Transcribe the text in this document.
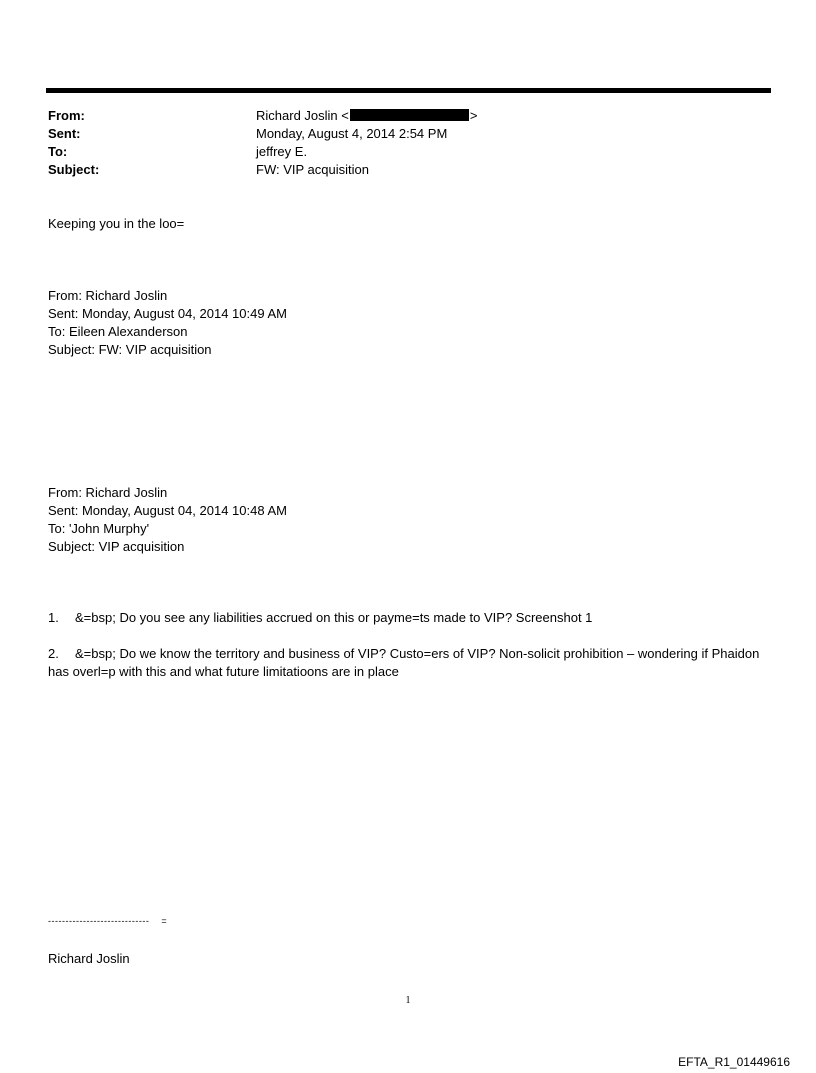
From:	Richard Joslin <	>
Sent:	Monday, August 4, 2014 2:54 PM
To:	jeffrey E.
Subject:	FW: VIP acquisition
Keeping you in the loo=
From: Richard Joslin
Sent: Monday, August 04, 2014 10:49 AM
To: Eileen Alexanderson
Subject: FW: VIP acquisition
From: Richard Joslin
Sent: Monday, August 04, 2014 10:48 AM
To: 'John Murphy'
Subject: VIP acquisition
1. &=bsp; Do you see any liabilities accrued on this or payme=ts made to VIP? Screenshot 1
2. &=bsp; Do we know the territory and business of VIP? Custo=ers of VIP? Non-solicit prohibition – wondering if Phaidon has overl=p with this and what future limitatioons are in place
-----------------------------    =
Richard Joslin
1
EFTA_R1_01449616
